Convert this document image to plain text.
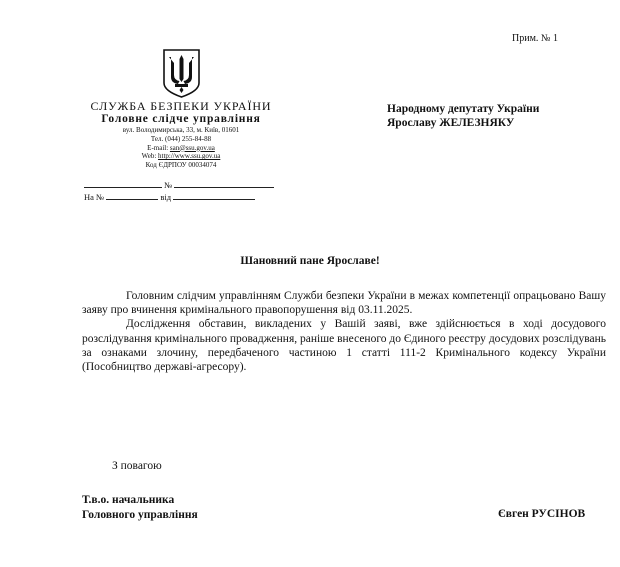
Прим. № 1
СЛУЖБА БЕЗПЕКИ УКРАЇНИ
Головне слідче управління
вул. Володимирська, 33, м. Київ, 01601
Тел. (044) 255-84-88
E-mail: san@ssu.gov.ua
Web: http://www.ssu.gov.ua
Код ЄДРПОУ 00034074
№
На №	від
Народному депутату України
Ярославу ЖЕЛЕЗНЯКУ
Шановний пане Ярославе!

Головним слідчим управлінням Служби безпеки України в межах компетенції опрацьовано Вашу заяву про вчинення кримінального правопорушення від 03.11.2025.

Дослідження обставин, викладених у Вашій заяві, вже здійснюється в ході досудового розслідування кримінального провадження, раніше внесеного до Єдиного реєстру досудових розслідувань за ознаками злочину, передбаченого частиною 1 статті 111-2 Кримінального кодексу України (Пособництво державі-агресору).

З повагою
Т.в.о. начальника
Головного управління	Євген РУСІНОВ
